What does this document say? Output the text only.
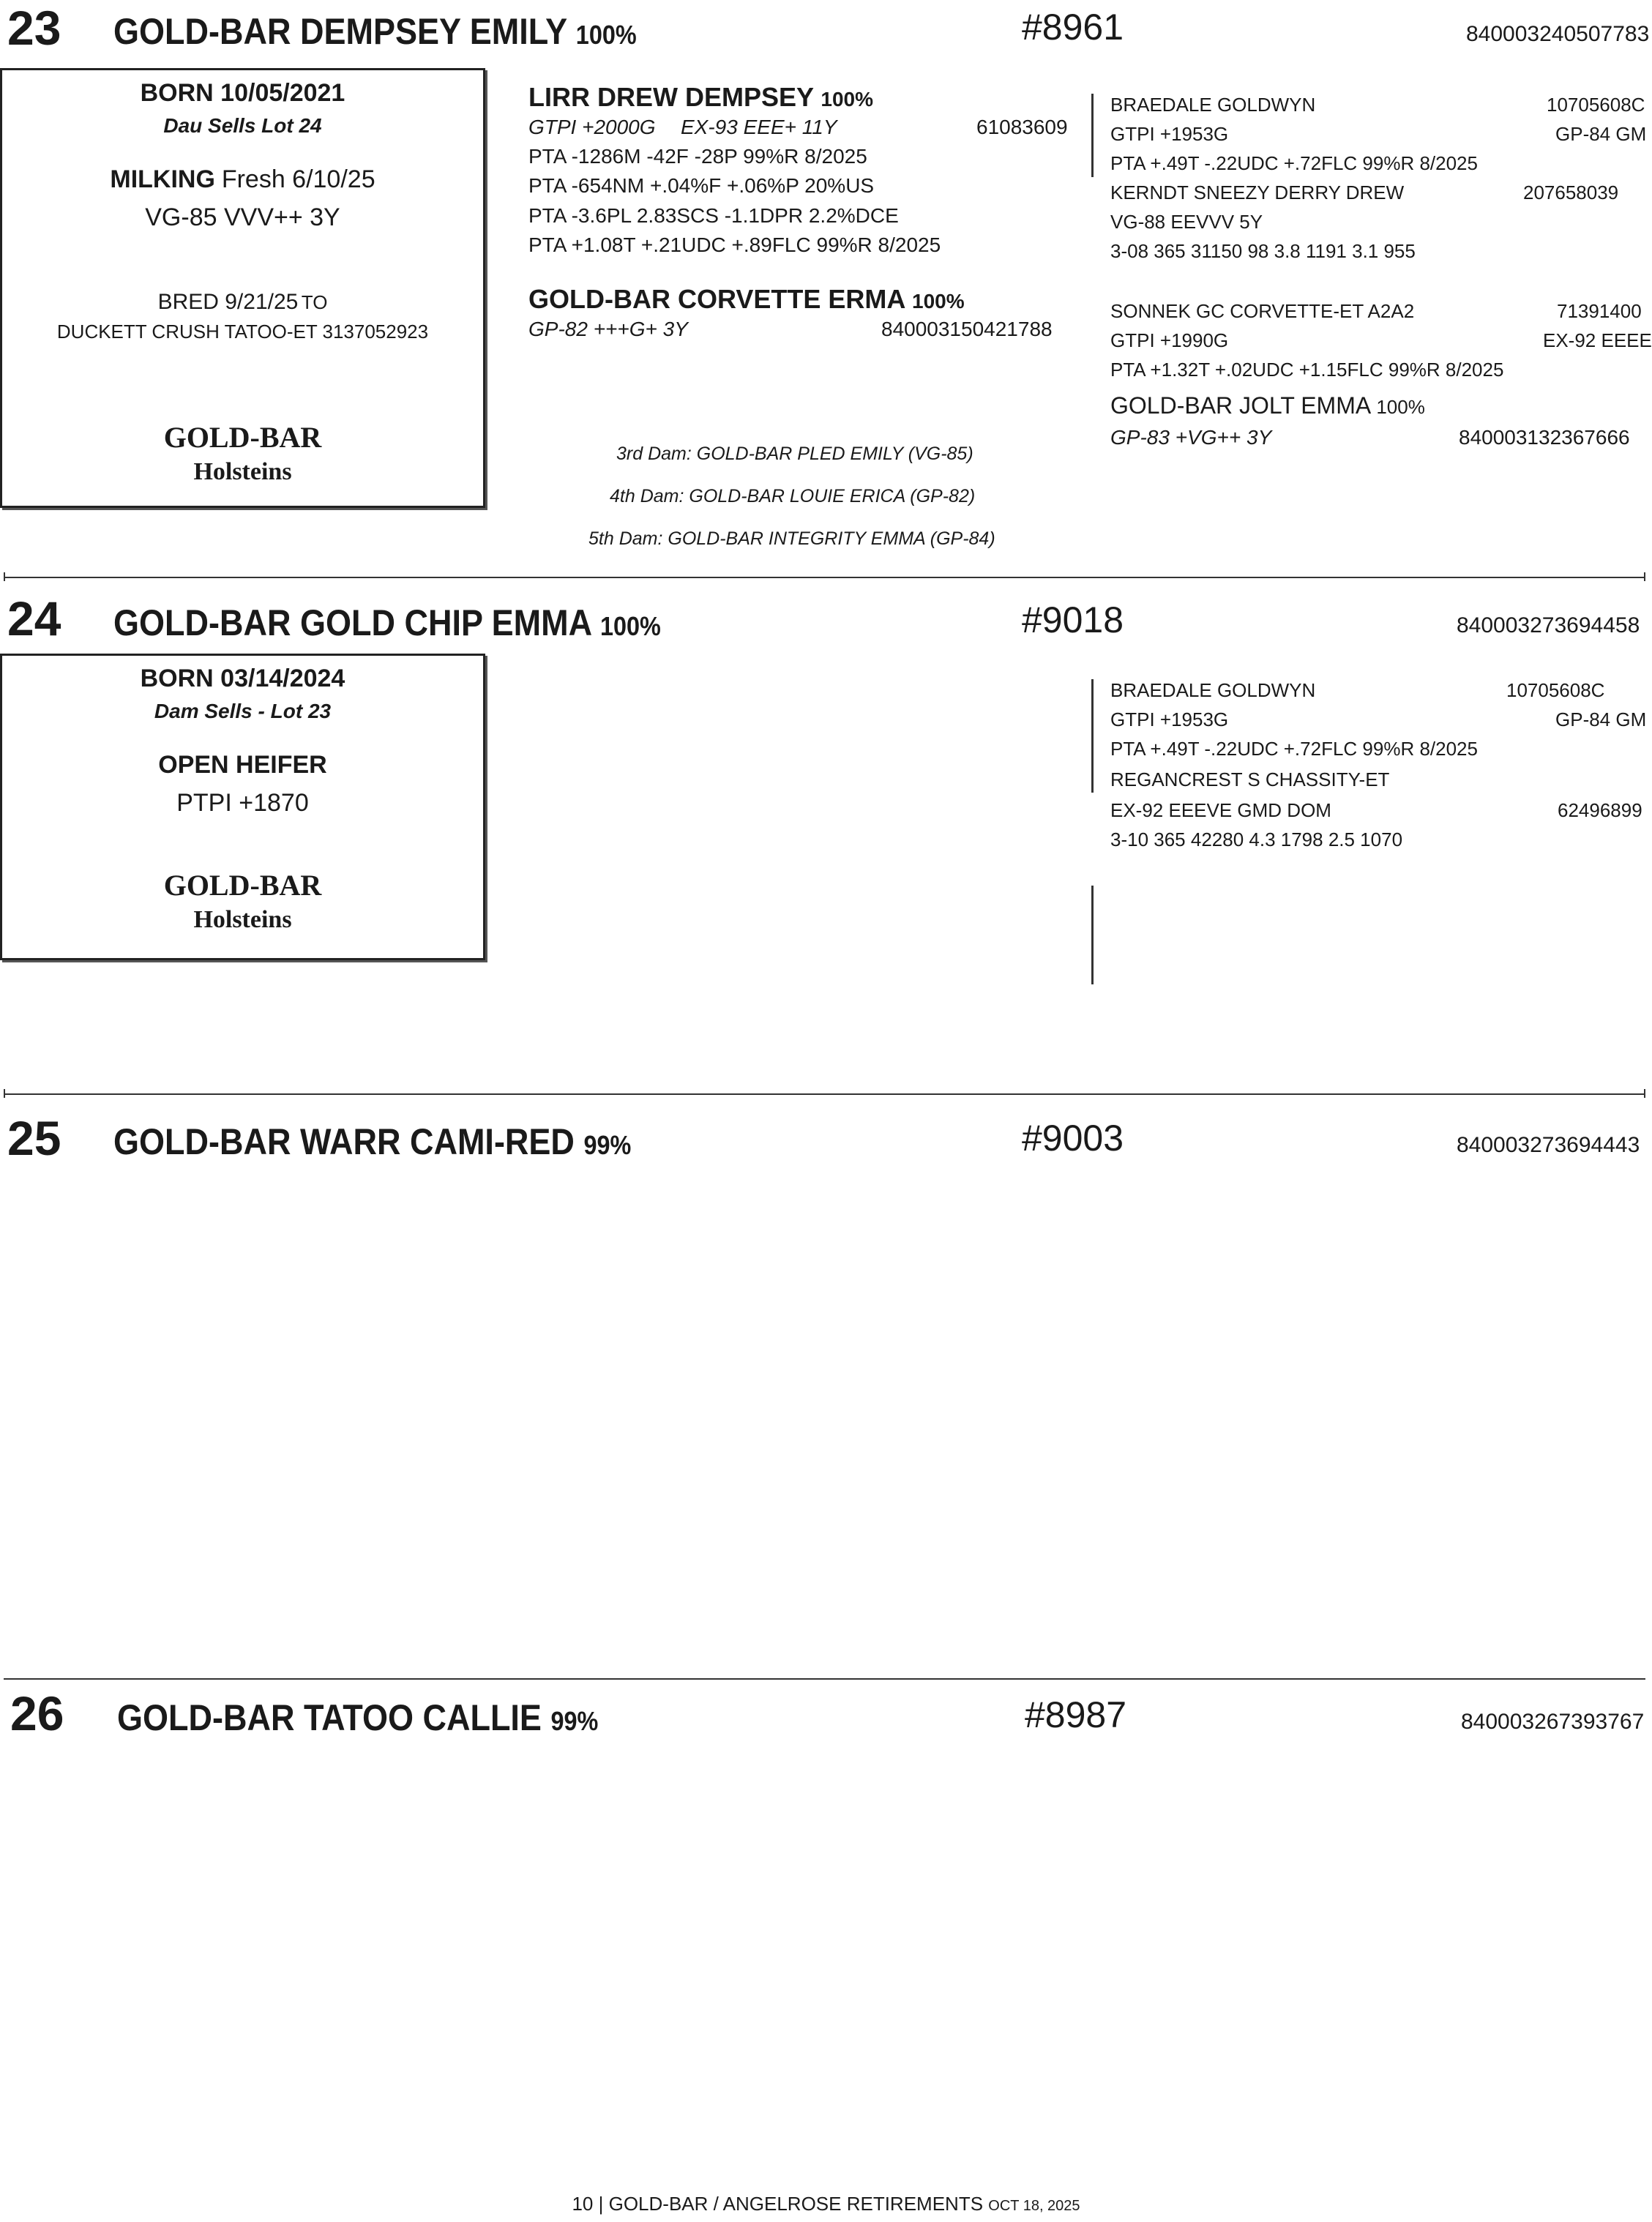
23 GOLD-BAR DEMPSEY EMILY 100%	#8961	840003240507783
BORN 10/05/2021
Dau Sells Lot 24
MILKING Fresh 6/10/25
VG-85 VVV++ 3Y
BRED 9/21/25 TO
DUCKETT CRUSH TATOO-ET 3137052923
GOLD-BAR
Holsteins
LIRR DREW DEMPSEY 100%
GTPI +2000G EX-93 EEE+ 11Y	61083609
PTA -1286M -42F -28P 99%R 8/2025
PTA -654NM +.04%F +.06%P 20%US
PTA -3.6PL 2.83SCS -1.1DPR 2.2%DCE
PTA +1.08T +.21UDC +.89FLC 99%R 8/2025
GOLD-BAR CORVETTE ERMA 100%
GP-82 +++G+ 3Y	840003150421788
3rd Dam: GOLD-BAR PLED EMILY (VG-85)
4th Dam: GOLD-BAR LOUIE ERICA (GP-82)
5th Dam: GOLD-BAR INTEGRITY EMMA (GP-84)
BRAEDALE GOLDWYN	10705608C
GTPI +1953G	GP-84 GM
PTA +.49T -.22UDC +.72FLC 99%R 8/2025
KERNDT SNEEZY DERRY DREW	207658039
VG-88 EEVVV 5Y
3-08 365 31150 98 3.8 1191 3.1 955
SONNEK GC CORVETTE-ET A2A2	71391400
GTPI +1990G	EX-92 EEEE
PTA +1.32T +.02UDC +1.15FLC 99%R 8/2025
GOLD-BAR JOLT EMMA 100%
GP-83 +VG++ 3Y	840003132367666
24 GOLD-BAR GOLD CHIP EMMA 100%	#9018	840003273694458
BORN 03/14/2024
Dam Sells - Lot 23
OPEN HEIFER
PTPI +1870
GOLD-BAR
Holsteins
BRAEDALE GOLDWYN	10705608C
GTPI +1953G	GP-84 GM
PTA +.49T -.22UDC +.72FLC 99%R 8/2025
REGANCREST S CHASSITY-ET
EX-92 EEEVE GMD DOM	62496899
3-10 365 42280 4.3 1798 2.5 1070
25 GOLD-BAR WARR CAMI-RED 99%	#9003	840003273694443
26 GOLD-BAR TATOO CALLIE 99%	#8987	840003267393767
10 | GOLD-BAR / ANGELROSE RETIREMENTS OCT 18, 2025
